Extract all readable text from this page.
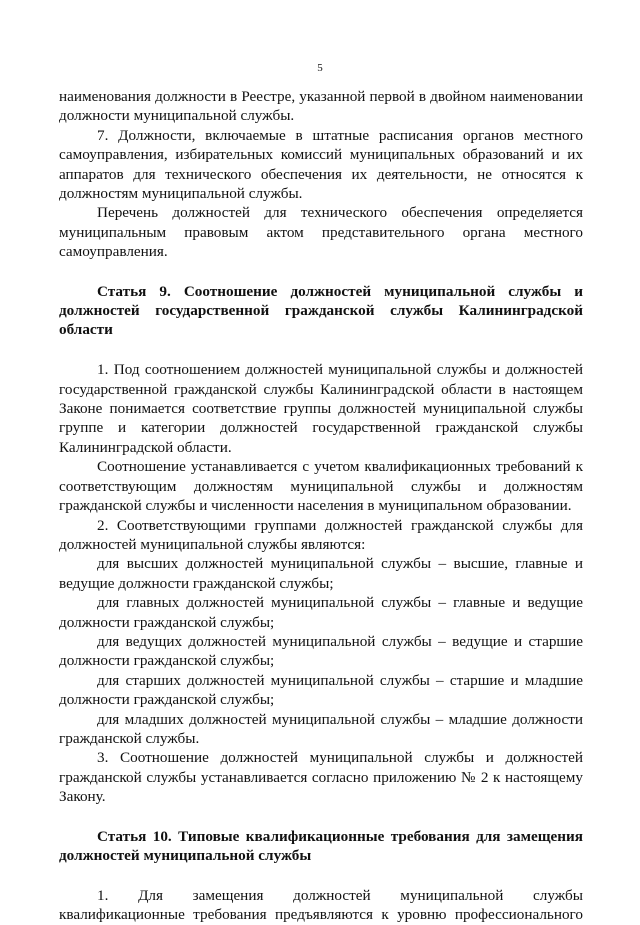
5

наименования должности в Реестре, указанной первой в двойном наименовании должности муниципальной службы.

7. Должности, включаемые в штатные расписания органов местного самоуправления, избирательных комиссий муниципальных образований и их аппаратов для технического обеспечения их деятельности, не относятся к должностям муниципальной службы.

Перечень должностей для технического обеспечения определяется муниципальным правовым актом представительного органа местного самоуправления.

Статья 9. Соотношение должностей муниципальной службы и должностей государственной гражданской службы Калининградской области

1. Под соотношением должностей муниципальной службы и должностей государственной гражданской службы Калининградской области в настоящем Законе понимается соответствие группы должностей муниципальной службы группе и категории должностей государственной гражданской службы Калининградской области.

Соотношение устанавливается с учетом квалификационных требований к соответствующим должностям муниципальной службы и должностям гражданской службы и численности населения в муниципальном образовании.

2. Соответствующими группами должностей гражданской службы для должностей муниципальной службы являются:

для высших должностей муниципальной службы – высшие, главные и ведущие должности гражданской службы;

для главных должностей муниципальной службы – главные и ведущие должности гражданской службы;

для ведущих должностей муниципальной службы – ведущие и старшие должности гражданской службы;

для старших должностей муниципальной службы – старшие и младшие должности гражданской службы;

для младших должностей муниципальной службы – младшие должности гражданской службы.

3. Соотношение должностей муниципальной службы и должностей гражданской службы устанавливается согласно приложению № 2 к настоящему Закону.

Статья 10. Типовые квалификационные требования для замещения должностей муниципальной службы

1. Для замещения должностей муниципальной службы квалификационные требования предъявляются к уровню профессионального
